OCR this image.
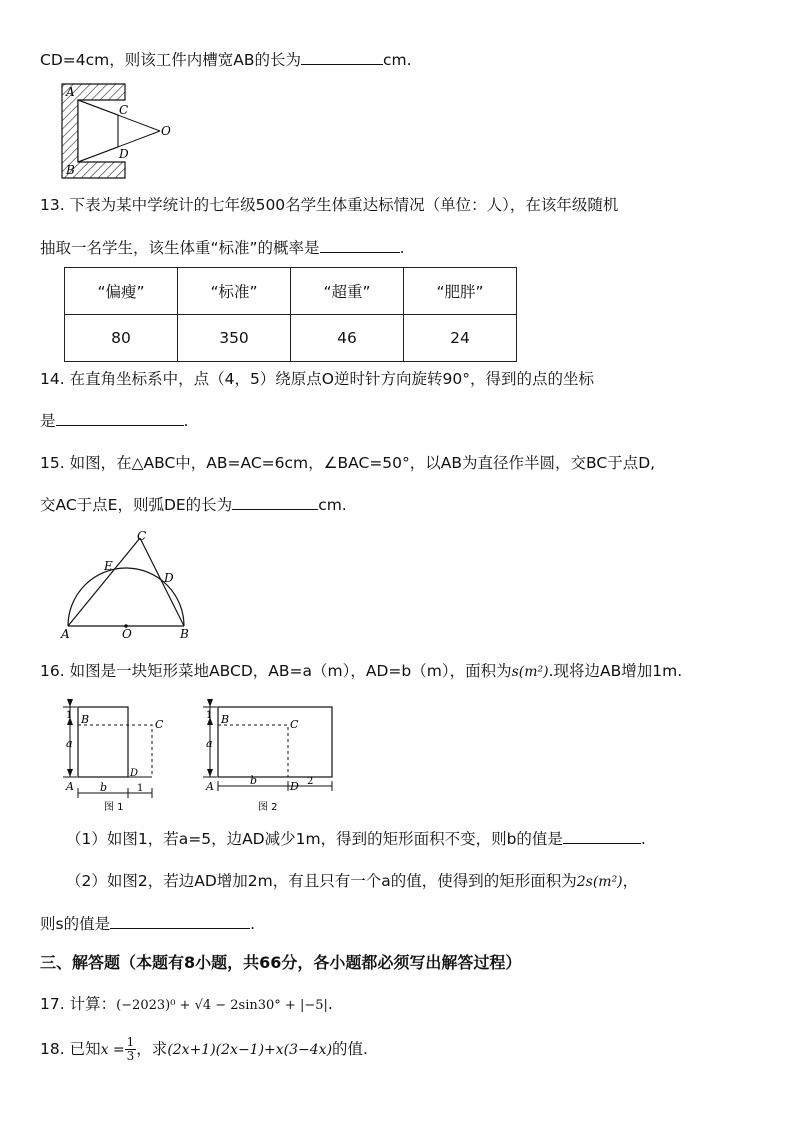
CD=4cm，则该工件内槽宽AB的长为	cm.
A
C
O
D
B
13. 下表为某中学统计的七年级500名学生体重达标情况（单位：人），在该年级随机
抽取一名学生，该生体重“标准”的概率是	.
“偏瘦”	“标准”	“超重”	“肥胖”
80	350	46	24
14. 在直角坐标系中，点（4，5）绕原点O逆时针方向旋转90°，得到的点的坐标
是	.
15. 如图，在△ABC中，AB=AC=6cm，∠BAC=50°，以AB为直径作半圆，交BC于点D,
交AC于点E，则弧DE的长为	cm.
C
E
D
A	O	B
16. 如图是一块矩形菜地ABCD，AB=a（m），AD=b（m），面积为s(m²).现将边AB增加1m.
1
a
B	C
A
D
b	1
图 1
1
a
B	C
A	D
b	2
图 2
（1）如图1，若a=5，边AD减少1m，得到的矩形面积不变，则b的值是	.
（2）如图2，若边AD增加2m，有且只有一个a的值，使得到的矩形面积为2s(m²)，
则s的值是	.
三、解答题（本题有8小题，共66分，各小题都必须写出解答过程）
17. 计算：(−2023)⁰ + √4 − 2sin30° + |−5|.
18. 已知$x = \frac{1}{3}$ ，求(2x+1)(2x−1)+x(3−4x)的值.
